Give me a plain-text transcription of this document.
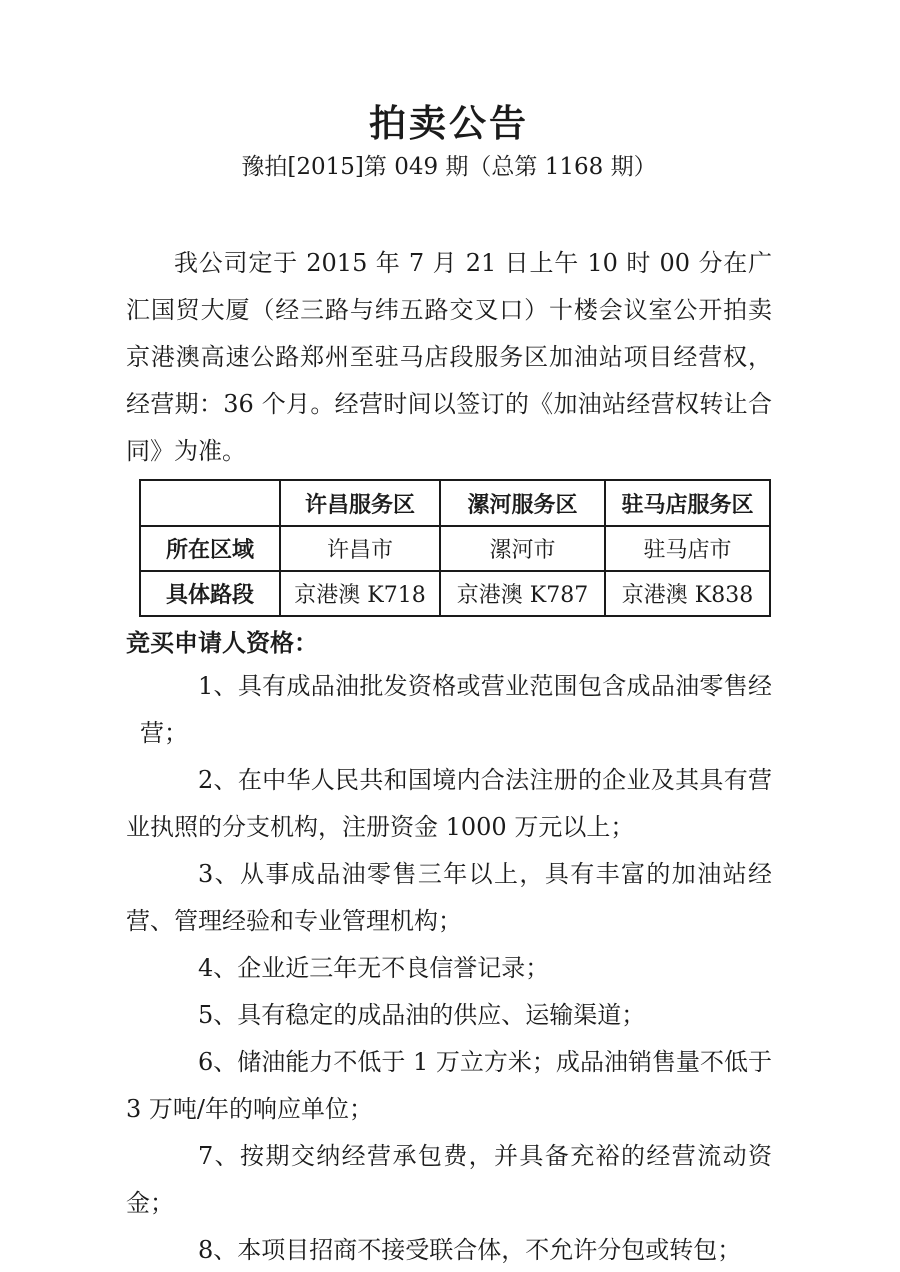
拍卖公告
豫拍[2015]第 049 期（总第 1168 期）

我公司定于 2015 年 7 月 21 日上午 10 时 00 分在广汇国贸大厦（经三路与纬五路交叉口）十楼会议室公开拍卖京港澳高速公路郑州至驻马店段服务区加油站项目经营权，经营期：36 个月。经营时间以签订的《加油站经营权转让合同》为准。

	许昌服务区	漯河服务区	驻马店服务区
所在区域	许昌市	漯河市	驻马店市
具体路段	京港澳 K718	京港澳 K787	京港澳 K838
竞买申请人资格：

1、具有成品油批发资格或营业范围包含成品油零售经营；

2、在中华人民共和国境内合法注册的企业及其具有营业执照的分支机构，注册资金 1000 万元以上；

3、从事成品油零售三年以上，具有丰富的加油站经营、管理经验和专业管理机构；

4、企业近三年无不良信誉记录；

5、具有稳定的成品油的供应、运输渠道；

6、储油能力不低于 1 万立方米；成品油销售量不低于 3 万吨/年的响应单位；

7、按期交纳经营承包费，并具备充裕的经营流动资金；

8、本项目招商不接受联合体，不允许分包或转包；
